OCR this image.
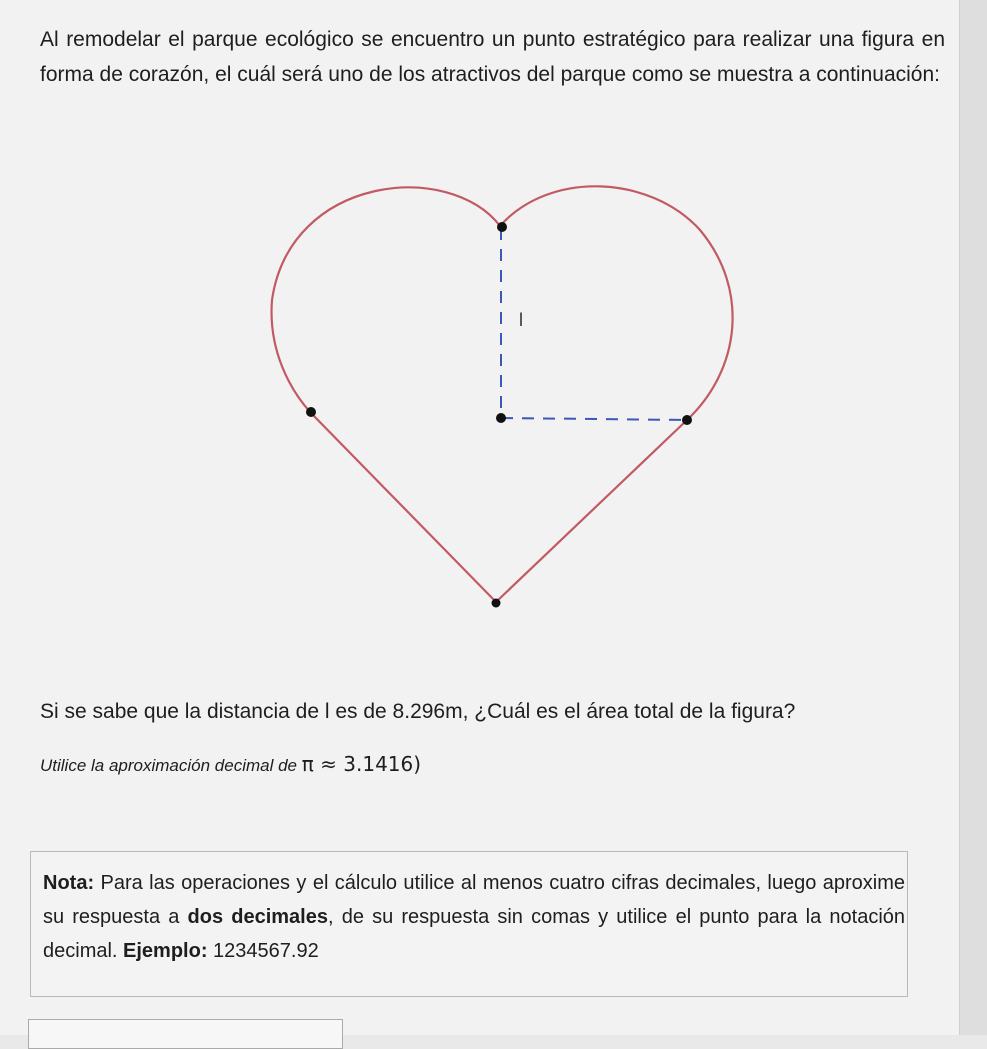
Al remodelar el parque ecológico se encuentro un punto estratégico para realizar una figura en forma de corazón, el cuál será uno de los atractivos del parque como se muestra a continuación:

l

Si se sabe que la distancia de l es de 8.296m, ¿Cuál es el área total de la figura?

Utilice la aproximación decimal de π ≈ 3.1416)

Nota: Para las operaciones y el cálculo utilice al menos cuatro cifras decimales, luego aproxime su respuesta a dos decimales, de su respuesta sin comas y utilice el punto para la notación decimal. Ejemplo: 1234567.92
